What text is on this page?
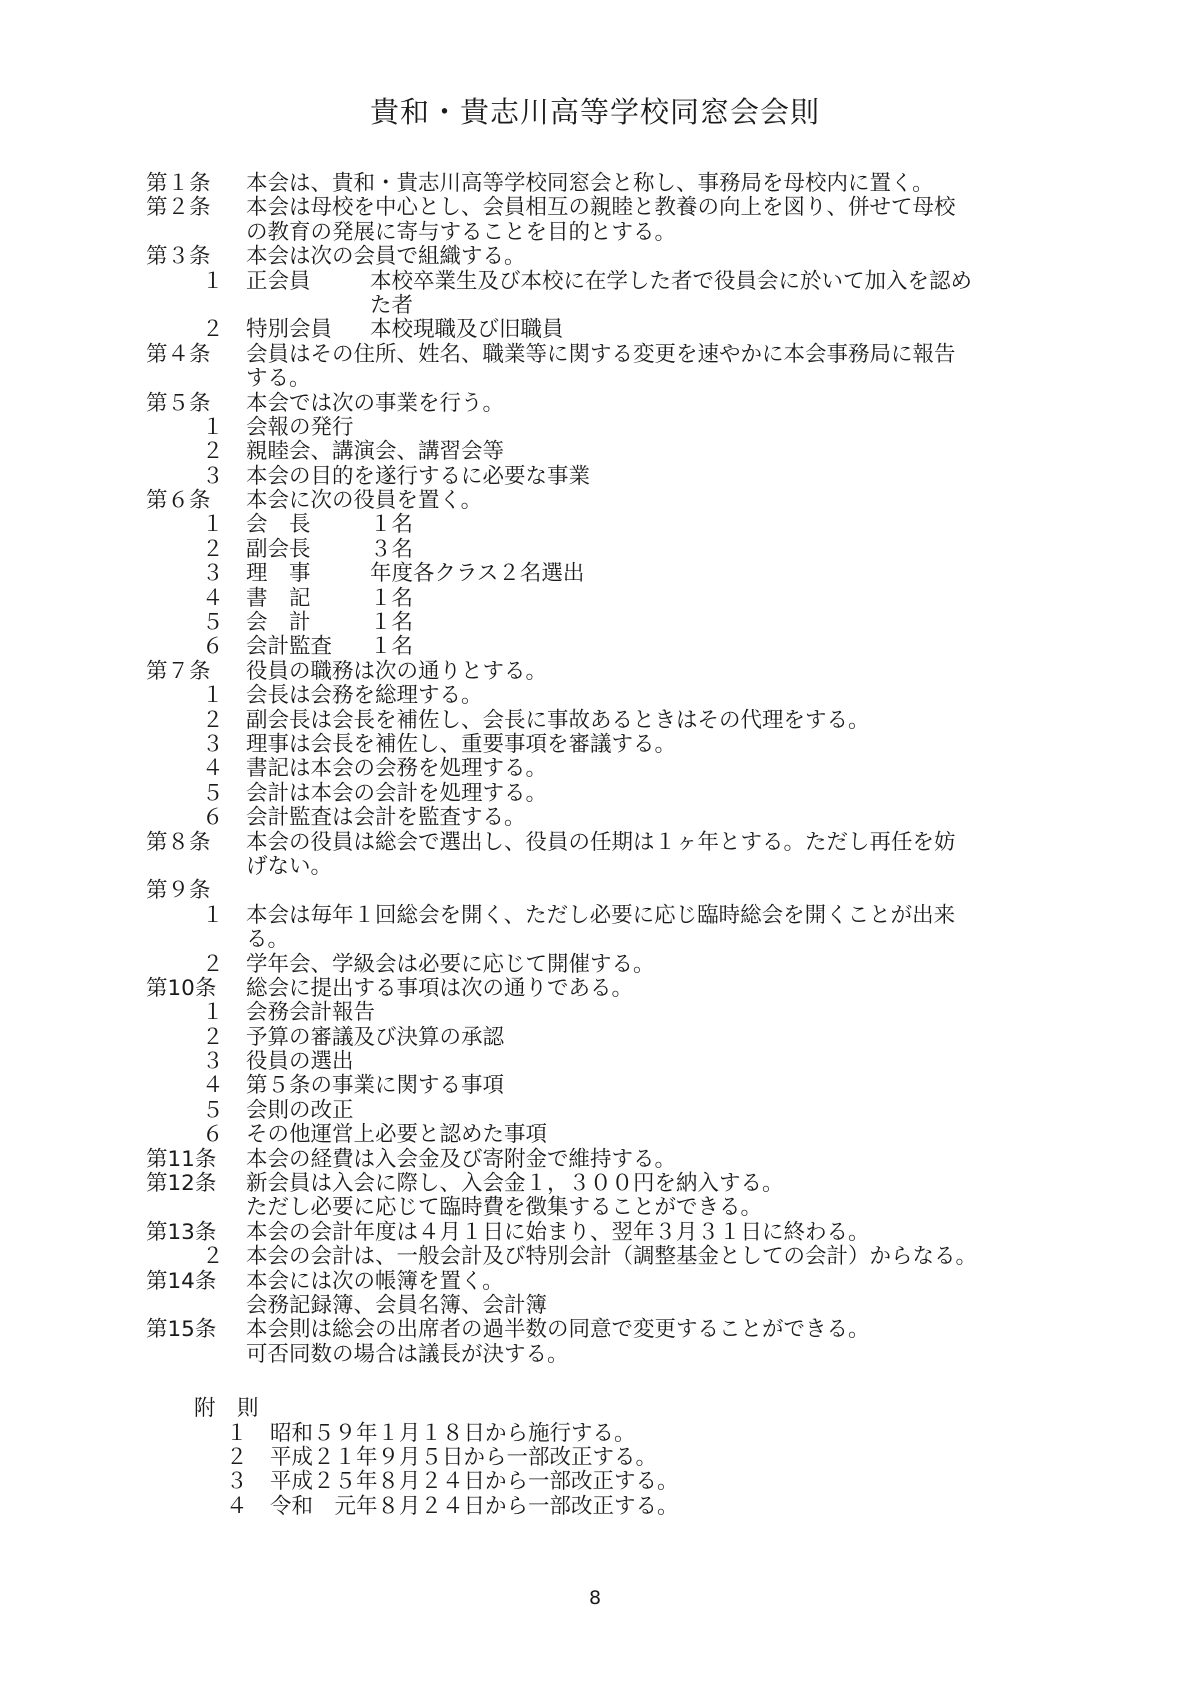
貴和・貴志川高等学校同窓会会則
第１条	本会は、貴和・貴志川高等学校同窓会と称し、事務局を母校内に置く。
第２条	本会は母校を中心とし、会員相互の親睦と教養の向上を図り、併せて母校
の教育の発展に寄与することを目的とする。
第３条	本会は次の会員で組織する。
１	正会員	本校卒業生及び本校に在学した者で役員会に於いて加入を認め
た者
２	特別会員 本校現職及び旧職員
第４条	会員はその住所、姓名、職業等に関する変更を速やかに本会事務局に報告
する。
第５条	本会では次の事業を行う。
１	会報の発行
２	親睦会、講演会、講習会等
３	本会の目的を遂行するに必要な事業
第６条	本会に次の役員を置く。
１	会　長	１名
２	副会長	３名
３	理　事	年度各クラス２名選出
４	書　記	１名
５	会　計	１名
６	会計監査 １名
第７条	役員の職務は次の通りとする。
１	会長は会務を総理する。
２	副会長は会長を補佐し、会長に事故あるときはその代理をする。
３	理事は会長を補佐し、重要事項を審議する。
４	書記は本会の会務を処理する。
５	会計は本会の会計を処理する。
６	会計監査は会計を監査する。
第８条	本会の役員は総会で選出し、役員の任期は１ヶ年とする。ただし再任を妨
げない。
第９条
１	本会は毎年１回総会を開く、ただし必要に応じ臨時総会を開くことが出来
る。
２	学年会、学級会は必要に応じて開催する。
第10条	総会に提出する事項は次の通りである。
１	会務会計報告
２	予算の審議及び決算の承認
３	役員の選出
４	第５条の事業に関する事項
５	会則の改正
６	その他運営上必要と認めた事項
第11条	本会の経費は入会金及び寄附金で維持する。
第12条	新会員は入会に際し、入会金１，３００円を納入する。
ただし必要に応じて臨時費を徴集することができる。
第13条	本会の会計年度は４月１日に始まり、翌年３月３１日に終わる。
２	本会の会計は、一般会計及び特別会計（調整基金としての会計）からなる。
第14条	本会には次の帳簿を置く。
会務記録簿、会員名簿、会計簿
第15条	本会則は総会の出席者の過半数の同意で変更することができる。
可否同数の場合は議長が決する。
附　則
１	昭和５９年１月１８日から施行する。
２	平成２１年９月５日から一部改正する。
３	平成２５年８月２４日から一部改正する。
４	令和　元年８月２４日から一部改正する。
8
